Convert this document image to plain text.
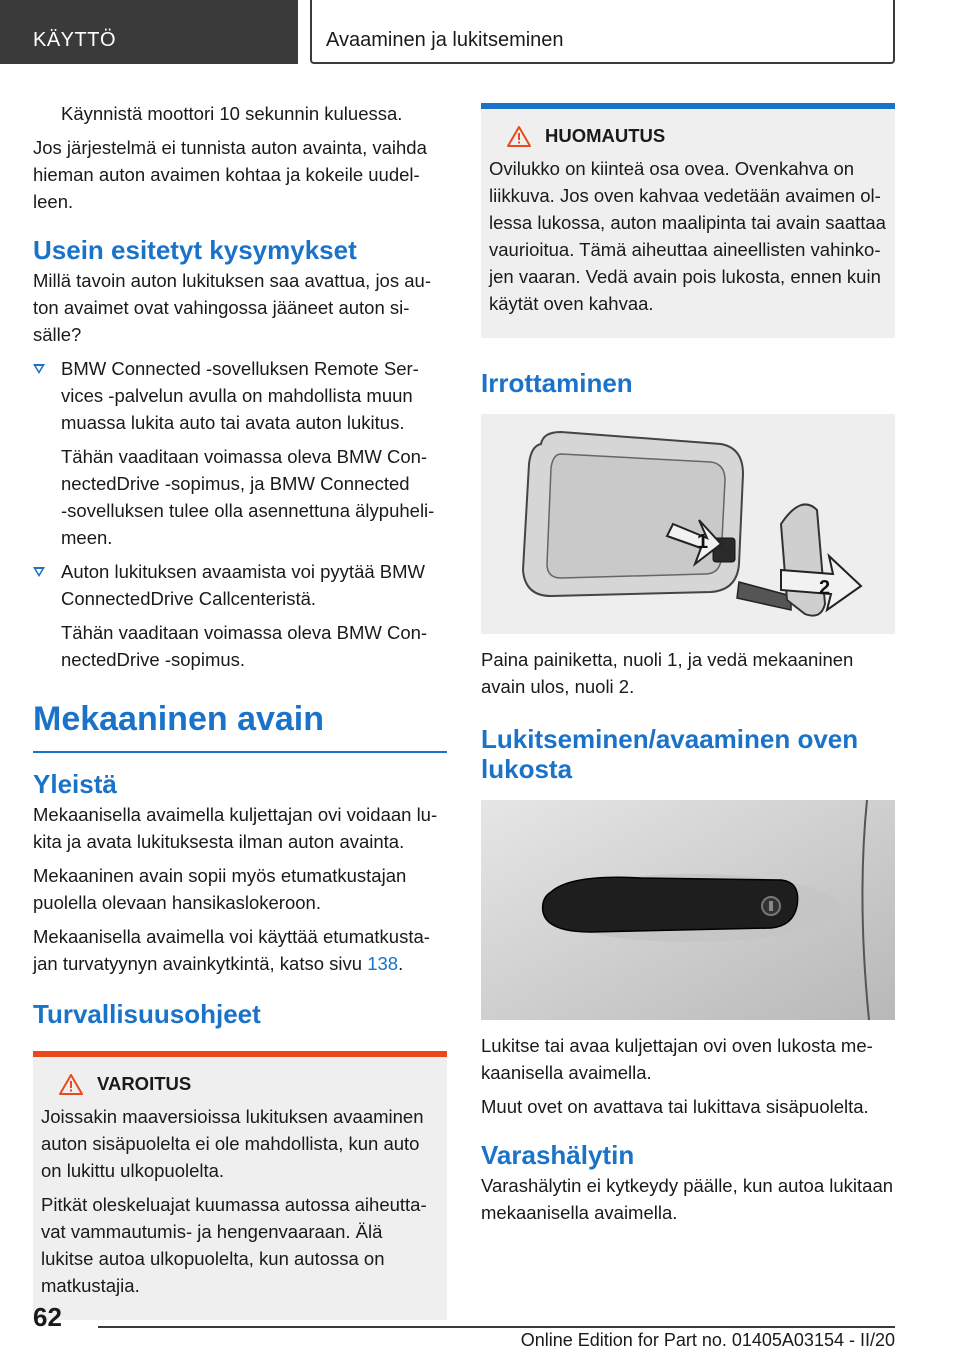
KÄYTTÖ	Avaaminen ja lukitseminen

Käynnistä moottori 10 sekunnin kuluessa.

Jos järjestelmä ei tunnista auton avainta, vaihda hieman auton avaimen kohtaa ja kokeile uudelleen.

Usein esitetyt kysymykset

Millä tavoin auton lukituksen saa avattua, jos auton avaimet ovat vahingossa jääneet auton sisälle?

BMW Connected ‑sovelluksen Remote Services ‑palvelun avulla on mahdollista muun muassa lukita auto tai avata auton lukitus.

Tähän vaaditaan voimassa oleva BMW ConnectedDrive ‑sopimus, ja BMW Connected ‑sovelluksen tulee olla asennettuna älypuhelimeen.

Auton lukituksen avaamista voi pyytää BMW ConnectedDrive Callcenteristä.

Tähän vaaditaan voimassa oleva BMW ConnectedDrive ‑sopimus.

Mekaaninen avain
Yleistä

Mekaanisella avaimella kuljettajan ovi voidaan lukita ja avata lukituksesta ilman auton avainta.

Mekaaninen avain sopii myös etumatkustajan puolella olevaan hansikaslokeroon.

Mekaanisella avaimella voi käyttää etumatkustajan turvatyynyn avainkytkintä, katso sivu 138.

Turvallisuusohjeet
VAROITUS

Joissakin maaversioissa lukituksen avaaminen auton sisäpuolelta ei ole mahdollista, kun auto on lukittu ulkopuolelta.

Pitkät oleskeluajat kuumassa autossa aiheuttavat vammautumis- ja hengenvaaraan. Älä lukitse autoa ulkopuolelta, kun autossa on matkustajia.

HUOMAUTUS

Ovilukko on kiinteä osa ovea. Ovenkahva on liikkuva. Jos oven kahvaa vedetään avaimen ollessa lukossa, auton maalipinta tai avain saattaa vaurioitua. Tämä aiheuttaa aineellisten vahinkojen vaaran. Vedä avain pois lukosta, ennen kuin käytät oven kahvaa.

Irrottaminen
1
2

Paina painiketta, nuoli 1, ja vedä mekaaninen avain ulos, nuoli 2.

Lukitseminen/avaaminen oven lukosta

Lukitse tai avaa kuljettajan ovi oven lukosta mekaanisella avaimella.

Muut ovet on avattava tai lukittava sisäpuolelta.

Varashälytin

Varashälytin ei kytkeydy päälle, kun autoa lukitaan mekaanisella avaimella.

62
Online Edition for Part no. 01405A03154 - II/20
